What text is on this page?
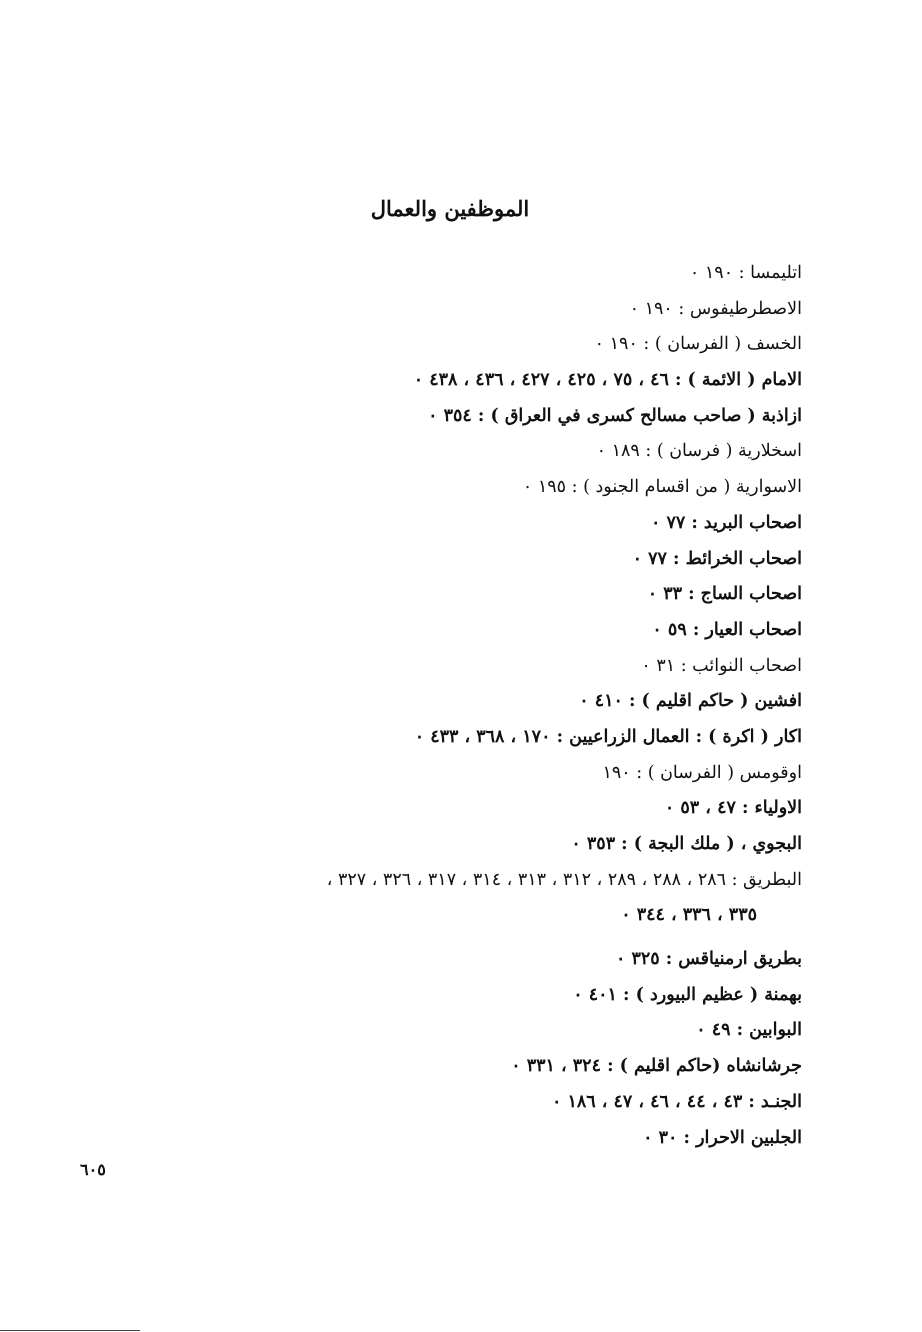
الموظفين والعمال
اتليمسا : ١٩٠ ٠
الاصطرطيفوس : ١٩٠ ٠
الخسف ( الفرسان ) : ١٩٠ ٠
الامام ( الائمة ) : ٤٦ ، ٧٥ ، ٤٢٥ ، ٤٢٧ ، ٤٣٦ ، ٤٣٨ ٠
ازاذبة ( صاحب مسالح كسرى في العراق ) : ٣٥٤ ٠
اسخلارية ( فرسان ) : ١٨٩ ٠
الاسوارية ( من اقسام الجنود ) : ١٩٥ ٠
اصحاب البريد : ٧٧ ٠
اصحاب الخرائط : ٧٧ ٠
اصحاب الساج : ٣٣ ٠
اصحاب العيار : ٥٩ ٠
اصحاب النوائب : ٣١ ٠
افشين ( حاكم اقليم ) : ٤١٠ ٠
اكار ( اكرة ) : العمال الزراعيين : ١٧٠ ، ٣٦٨ ، ٤٣٣ ٠
اوقومس ( الفرسان ) : ١٩٠
الاولياء : ٤٧ ، ٥٣ ٠
البجوي ، ( ملك البجة ) : ٣٥٣ ٠
البطريق : ٢٨٦ ، ٢٨٨ ، ٢٨٩ ، ٣١٢ ، ٣١٣ ، ٣١٤ ، ٣١٧ ، ٣٢٦ ، ٣٢٧ ،
٣٣٥ ، ٣٣٦ ، ٣٤٤ ٠
بطريق ارمنياقس : ٣٢٥ ٠
بهمنة ( عظيم البيورد ) : ٤٠١ ٠
البوابين : ٤٩ ٠
جرشانشاه (حاكم اقليم ) : ٣٢٤ ، ٣٣١ ٠
الجنـد : ٤٣ ، ٤٤ ، ٤٦ ، ٤٧ ، ١٨٦ ٠
الجلبين الاحرار : ٣٠ ٠
٦٠٥
